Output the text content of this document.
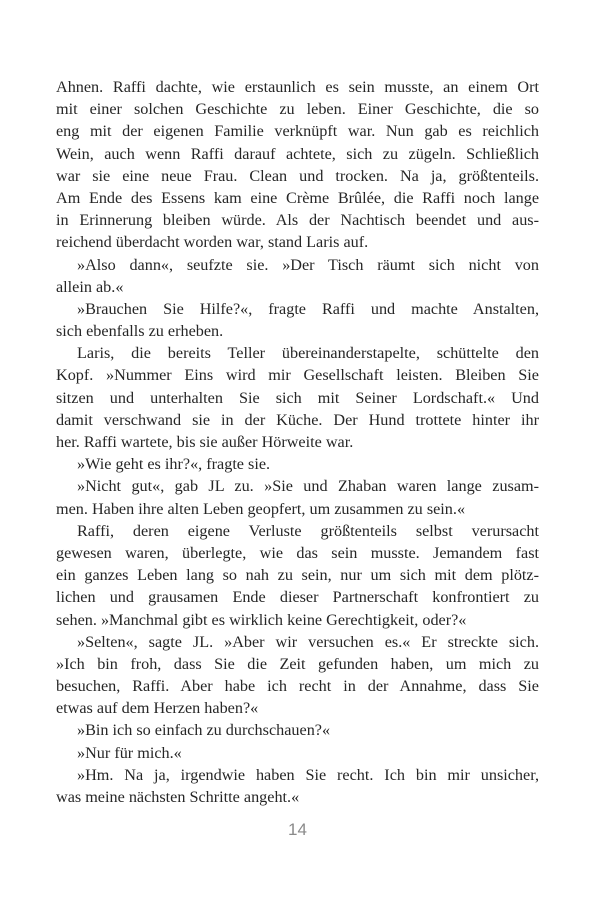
Ahnen. Raffi dachte, wie erstaunlich es sein musste, an einem Ort
mit einer solchen Geschichte zu leben. Einer Geschichte, die so
eng mit der eigenen Familie verknüpft war. Nun gab es reichlich
Wein, auch wenn Raffi darauf achtete, sich zu zügeln. Schließlich
war sie eine neue Frau. Clean und trocken. Na ja, größtenteils.
Am Ende des Essens kam eine Crème Brûlée, die Raffi noch lange
in Erinnerung bleiben würde. Als der Nachtisch beendet und aus-
reichend überdacht worden war, stand Laris auf.
»Also dann«, seufzte sie. »Der Tisch räumt sich nicht von
allein ab.«
»Brauchen Sie Hilfe?«, fragte Raffi und machte Anstalten,
sich ebenfalls zu erheben.
Laris, die bereits Teller übereinanderstapelte, schüttelte den
Kopf. »Nummer Eins wird mir Gesellschaft leisten. Bleiben Sie
sitzen und unterhalten Sie sich mit Seiner Lordschaft.« Und
damit verschwand sie in der Küche. Der Hund trottete hinter ihr
her. Raffi wartete, bis sie außer Hörweite war.
»Wie geht es ihr?«, fragte sie.
»Nicht gut«, gab JL zu. »Sie und Zhaban waren lange zusam-
men. Haben ihre alten Leben geopfert, um zusammen zu sein.«
Raffi, deren eigene Verluste größtenteils selbst verursacht
gewesen waren, überlegte, wie das sein musste. Jemandem fast
ein ganzes Leben lang so nah zu sein, nur um sich mit dem plötz-
lichen und grausamen Ende dieser Partnerschaft konfrontiert zu
sehen. »Manchmal gibt es wirklich keine Gerechtigkeit, oder?«
»Selten«, sagte JL. »Aber wir versuchen es.« Er streckte sich.
»Ich bin froh, dass Sie die Zeit gefunden haben, um mich zu
besuchen, Raffi. Aber habe ich recht in der Annahme, dass Sie
etwas auf dem Herzen haben?«
»Bin ich so einfach zu durchschauen?«
»Nur für mich.«
»Hm. Na ja, irgendwie haben Sie recht. Ich bin mir unsicher,
was meine nächsten Schritte angeht.«
14
